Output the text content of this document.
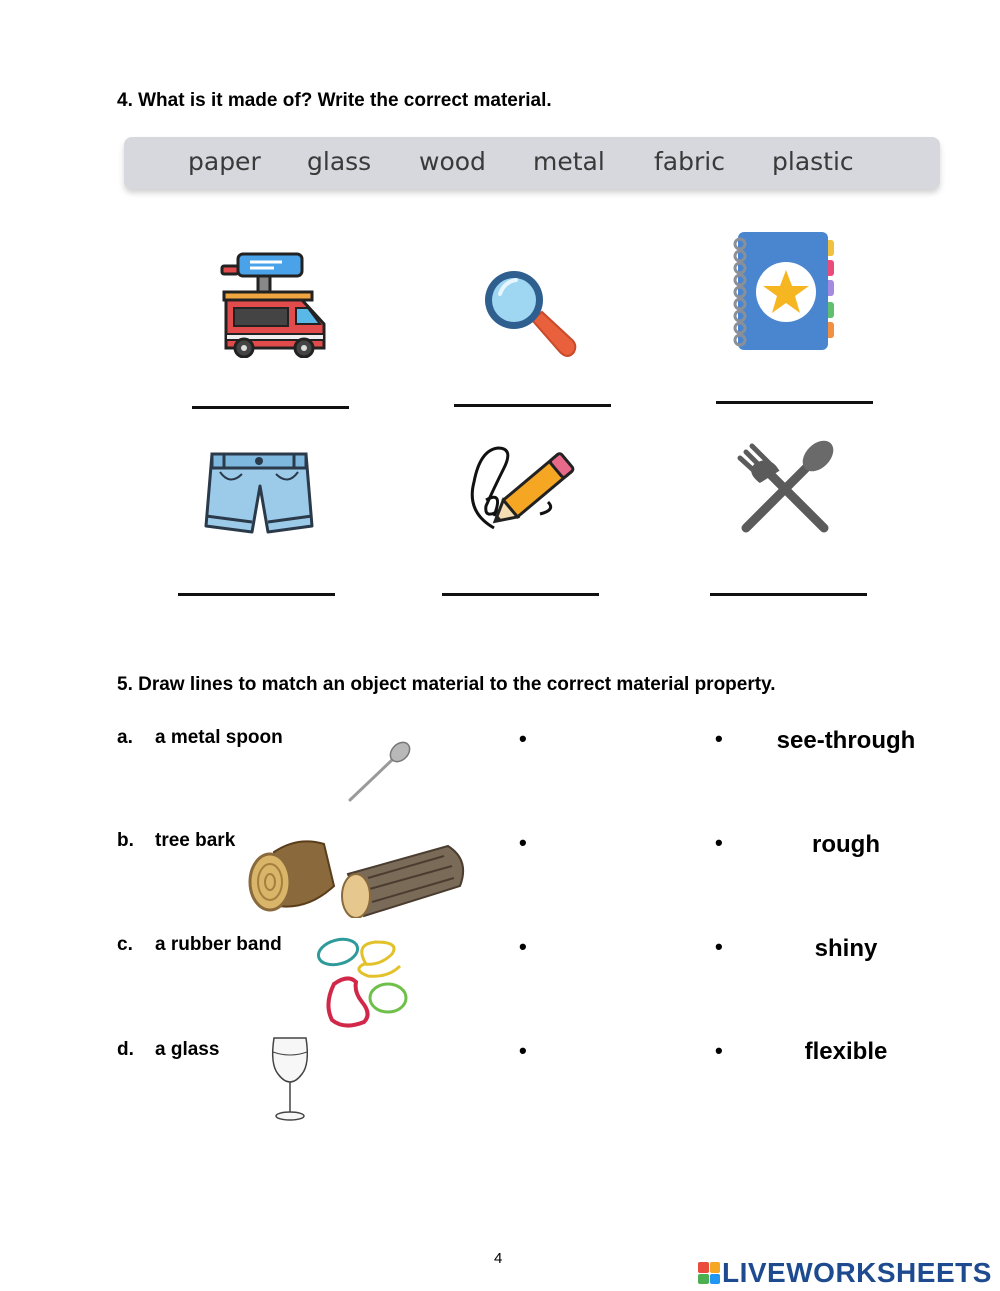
4. What is it made of? Write the correct material.
paper glass wood metal fabric plastic
5. Draw lines to match an object material to the correct material property.
a. a metal spoon	•	•	see-through
b. tree bark	•	•	rough
c. a rubber band	•	•	shiny
d. a glass	•	•	flexible
4	LIVEWORKSHEETS
